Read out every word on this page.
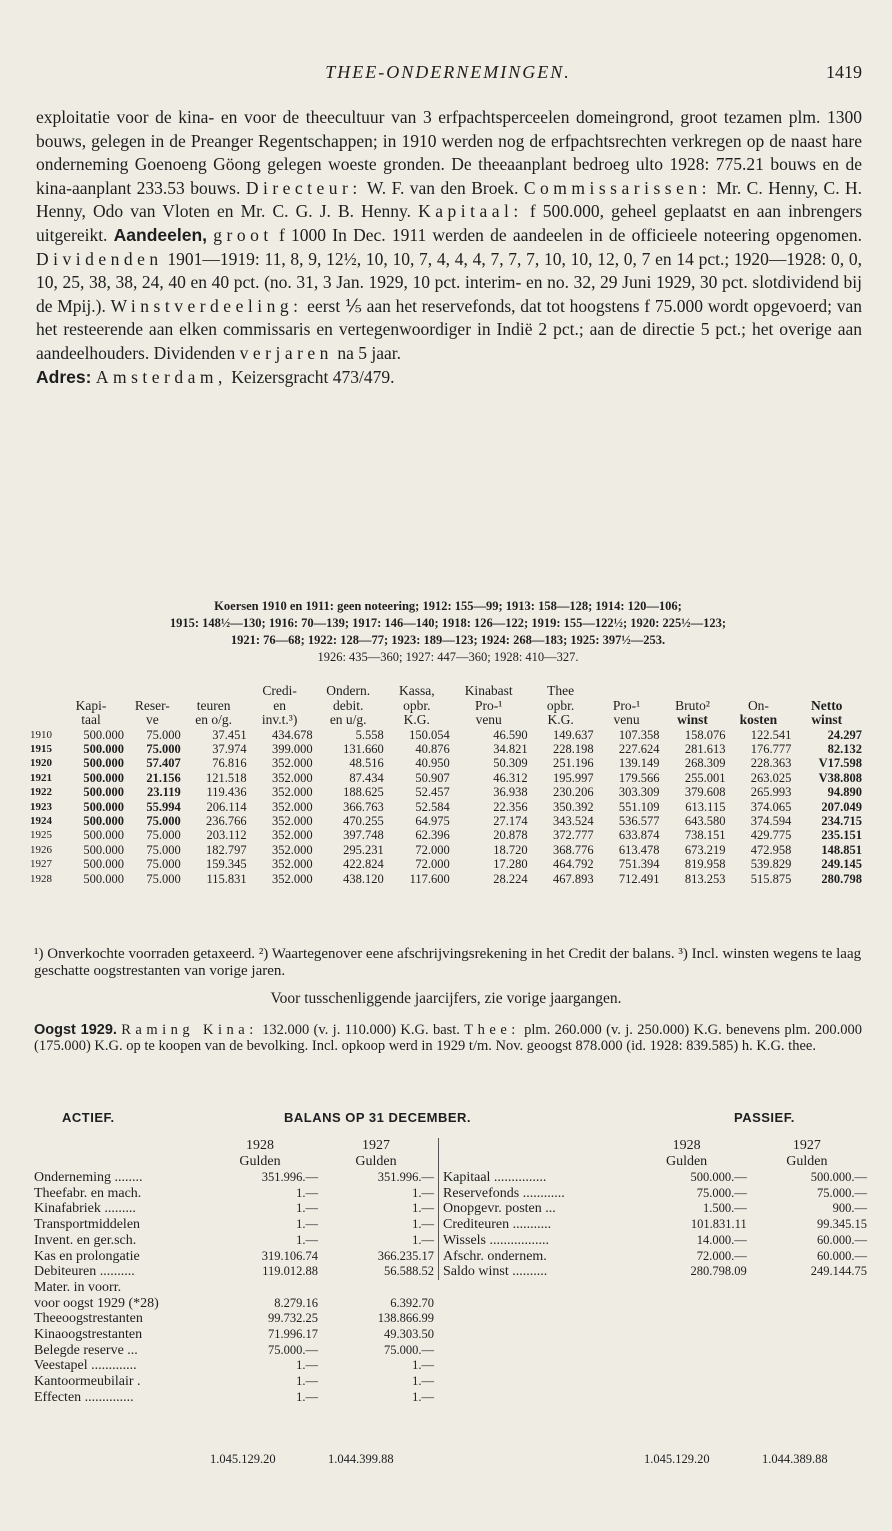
THEE-ONDERNEMINGEN.	1419

exploitatie voor de kina- en voor de theecultuur van 3 erfpachtsperceelen domeingrond, groot tezamen plm. 1300 bouws, gelegen in de Preanger Regentschappen; in 1910 werden nog de erfpachtsrechten verkregen op de naast hare onderneming Goenoeng Göong gelegen woeste gronden. De theeaanplant bedroeg ulto 1928: 775.21 bouws en de kina-aanplant 233.53 bouws. Directeur: W. F. van den Broek. Commissarissen: Mr. C. Henny, C. H. Henny, Odo van Vloten en Mr. C. G. J. B. Henny. Kapitaal: f 500.000, geheel geplaatst en aan inbrengers uitgereikt. Aandeelen, groot f 1000 In Dec. 1911 werden de aandeelen in de officieele noteering opgenomen. Dividenden 1901—1919: 11, 8, 9, 12½, 10, 10, 7, 4, 4, 4, 7, 7, 7, 10, 10, 12, 0, 7 en 14 pct.; 1920—1928: 0, 0, 10, 25, 38, 38, 24, 40 en 40 pct. (no. 31, 3 Jan. 1929, 10 pct. interim- en no. 32, 29 Juni 1929, 30 pct. slotdividend bij de Mpij.). Winstverdeeling: eerst ⅕ aan het reservefonds, dat tot hoogstens f 75.000 wordt opgevoerd; van het resteerende aan elken commissaris en vertegenwoordiger in Indië 2 pct.; aan de directie 5 pct.; het overige aan aandeelhouders. Dividenden verjaren na 5 jaar.

Adres: Amsterdam, Keizersgracht 473/479.

Koersen 1910 en 1911: geen noteering; 1912: 155—99; 1913: 158—128; 1914: 120—106;
1915: 148½—130; 1916: 70—139; 1917: 146—140; 1918: 126—122; 1919: 155—122½; 1920: 225½—123;
1921: 76—68; 1922: 128—77; 1923: 189—123; 1924: 268—183; 1925: 397½—253.
1926: 435—360; 1927: 447—360; 1928: 410—327.
				Credi-	Ondern.	Kassa,	Kinabast	Thee				
	Kapi-	Reser-	teuren	en	debit.	opbr.	Pro-¹	opbr.	Pro-¹	Bruto²	On-	Netto
	taal	ve	en o/g.	inv.t.³)	en u/g.	K.G.	venu	K.G.	venu	winst	kosten	winst
1910	500.000	75.000	37.451	434.678	5.558	150.054	46.590	149.637	107.358	158.076	122.541	24.297
1915	500.000	75.000	37.974	399.000	131.660	40.876	34.821	228.198	227.624	281.613	176.777	82.132
1920	500.000	57.407	76.816	352.000	48.516	40.950	50.309	251.196	139.149	268.309	228.363	V17.598
1921	500.000	21.156	121.518	352.000	87.434	50.907	46.312	195.997	179.566	255.001	263.025	V38.808
1922	500.000	23.119	119.436	352.000	188.625	52.457	36.938	230.206	303.309	379.608	265.993	94.890
1923	500.000	55.994	206.114	352.000	366.763	52.584	22.356	350.392	551.109	613.115	374.065	207.049
1924	500.000	75.000	236.766	352.000	470.255	64.975	27.174	343.524	536.577	643.580	374.594	234.715
1925	500.000	75.000	203.112	352.000	397.748	62.396	20.878	372.777	633.874	738.151	429.775	235.151
1926	500.000	75.000	182.797	352.000	295.231	72.000	18.720	368.776	613.478	673.219	472.958	148.851
1927	500.000	75.000	159.345	352.000	422.824	72.000	17.280	464.792	751.394	819.958	539.829	249.145
1928	500.000	75.000	115.831	352.000	438.120	117.600	28.224	467.893	712.491	813.253	515.875	280.798
¹) Onverkochte voorraden getaxeerd. ²) Waartegenover eene afschrijvingsrekening in het Credit der balans. ³) Incl. winsten wegens te laag geschatte oogstrestanten van vorige jaren.
Voor tusschenliggende jaarcijfers, zie vorige jaargangen.
Oogst 1929. Raming Kina: 132.000 (v. j. 110.000) K.G. bast. Thee: plm. 260.000 (v. j. 250.000) K.G. benevens plm. 200.000 (175.000) K.G. op te koopen van de bevolking. Incl. opkoop werd in 1929 t/m. Nov. geoogst 878.000 (id. 1928: 839.585) h. K.G. thee.
ACTIEF.	BALANS OP 31 DECEMBER.	PASSIEF.
	1928	1927
	Gulden	Gulden
Onderneming ........	351.996.—	351.996.—
Theefabr. en mach.	1.—	1.—
Kinafabriek .........	1.—	1.—
Transportmiddelen	1.—	1.—
Invent. en ger.sch.	1.—	1.—
Kas en prolongatie	319.106.74	366.235.17
Debiteuren ..........	119.012.88	56.588.52
Mater. in voorr.		
voor oogst 1929 (*28)	8.279.16	6.392.70
Theeoogstrestanten	99.732.25	138.866.99
Kinaoogstrestanten	71.996.17	49.303.50
Belegde reserve ...	75.000.—	75.000.—
Veestapel .............	1.—	1.—
Kantoormeubilair .	1.—	1.—
Effecten ..............	1.—	1.—
	1928	1927
	Gulden	Gulden
Kapitaal ...............	500.000.—	500.000.—
Reservefonds ............	75.000.—	75.000.—
Onopgevr. posten ...	1.500.—	900.—
Crediteuren ...........	101.831.11	99.345.15
Wissels .................	14.000.—	60.000.—
Afschr. ondernem.	72.000.—	60.000.—
Saldo winst ..........	280.798.09	249.144.75
1.045.129.20	1.044.399.88	1.045.129.20	1.044.389.88
